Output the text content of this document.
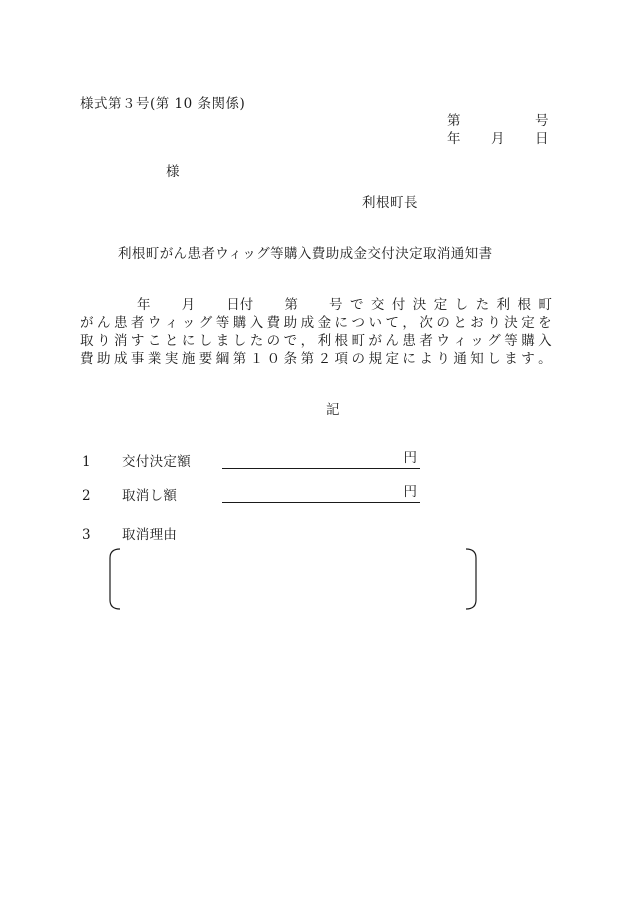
様式第３号(第 10 条関係)
第	号
年 月 日
様
利根町長
利根町がん患者ウィッグ等購入費助成金交付決定取消通知書
年 月 日付 第 号 で 交 付 決 定 し た 利 根 町
が ん 患 者 ウ ィ ッ グ 等 購 入 費 助 成 金 に つ い て ， 次 の と お り 決 定 を
取 り 消 す こ と に し ま し た の で ， 利 根 町 が ん 患 者 ウ ィ ッ グ 等 購 入
費 助 成 事 業 実 施 要 綱 第 １ ０ 条 第 ２ 項 の 規 定 に よ り 通 知 し ま す 。
記
1 交付決定額	円
2 取消し額	円
3 取消理由
